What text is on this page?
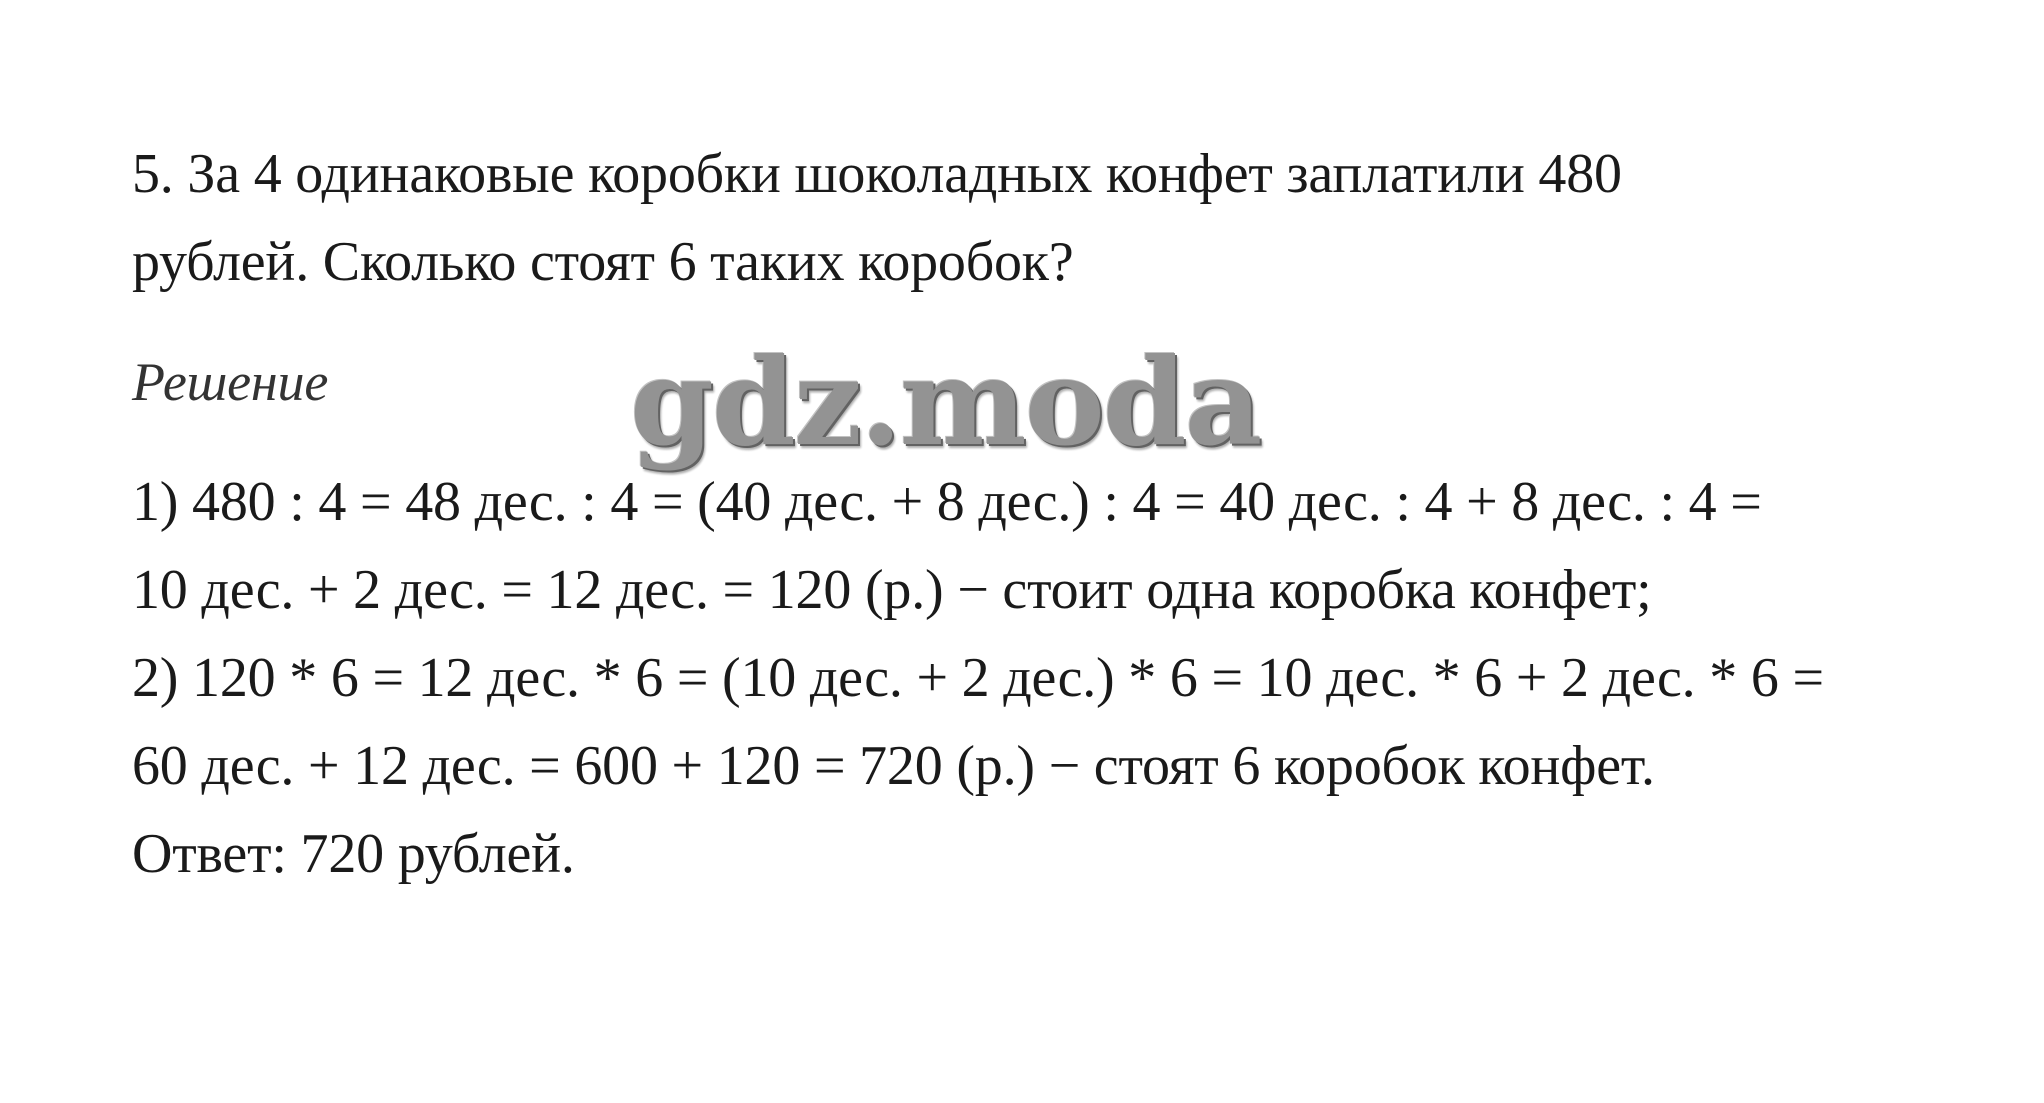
5. За 4 одинаковые коробки шоколадных конфет заплатили 480
рублей. Сколько стоят 6 таких коробок?
Решение	gdz.moda
1) 480 : 4 = 48 дес. : 4 = (40 дес. + 8 дес.) : 4 = 40 дес. : 4 + 8 дес. : 4 =
10 дес. + 2 дес. = 12 дес. = 120 (р.) − стоит одна коробка конфет;
2) 120 * 6 = 12 дес. * 6 = (10 дес. + 2 дес.) * 6 = 10 дес. * 6 + 2 дес. * 6 =
60 дес. + 12 дес. = 600 + 120 = 720 (р.) − стоят 6 коробок конфет.
Ответ: 720 рублей.
